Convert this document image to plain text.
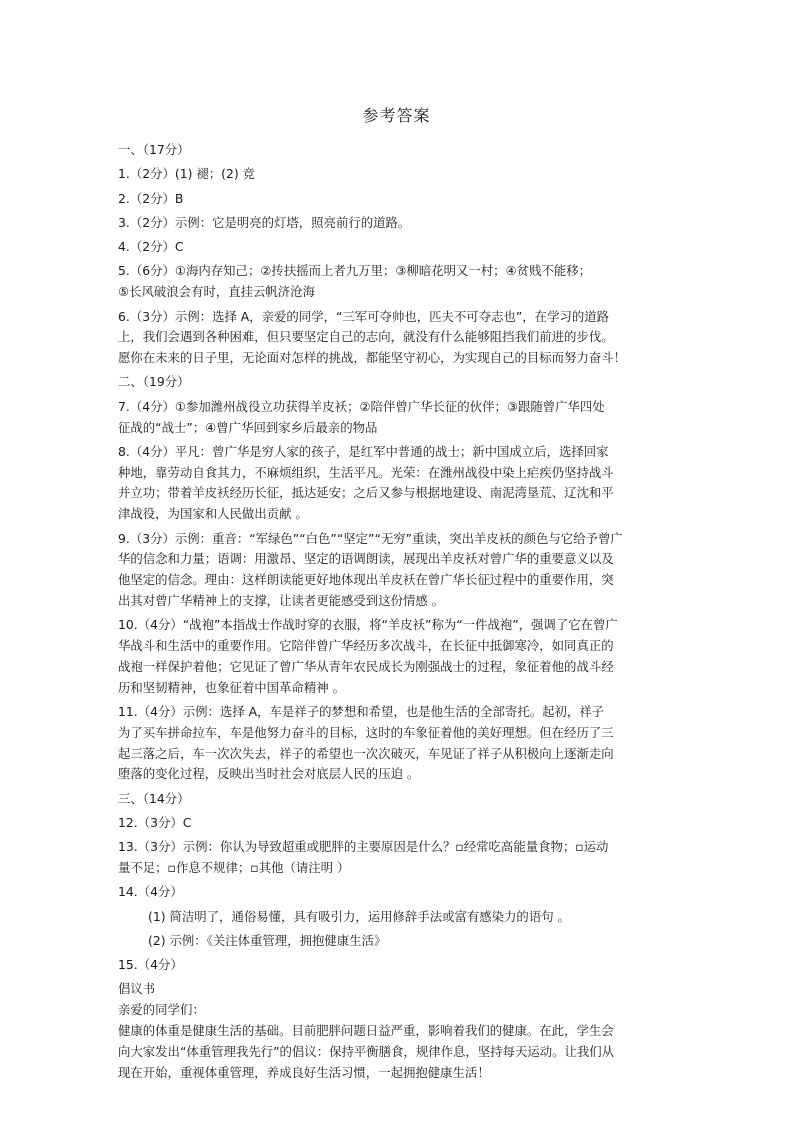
参考答案
一、（17分）
1.（2分）(1) 褪；(2) 竞
2.（2分）B
3.（2分）示例：它是明亮的灯塔，照亮前行的道路。
4.（2分）C
5.（6分）①海内存知己；②抟扶摇而上者九万里；③柳暗花明又一村；④贫贱不能移；
⑤长风破浪会有时，直挂云帆济沧海
6.（3分）示例：选择 A，亲爱的同学，“三军可夺帅也，匹夫不可夺志也”，在学习的道路
上，我们会遇到各种困难，但只要坚定自己的志向，就没有什么能够阻挡我们前进的步伐。
愿你在未来的日子里，无论面对怎样的挑战，都能坚守初心，为实现自己的目标而努力奋斗！
二、（19分）
7.（4分）①参加潍州战役立功获得羊皮袄；②陪伴曾广华长征的伙伴；③跟随曾广华四处
征战的“战士”；④曾广华回到家乡后最亲的物品
8.（4分）平凡：曾广华是穷人家的孩子，是红军中普通的战士；新中国成立后，选择回家
种地，靠劳动自食其力，不麻烦组织，生活平凡。光荣：在潍州战役中染上疟疾仍坚持战斗
并立功；带着羊皮袄经历长征，抵达延安；之后又参与根据地建设、南泥湾垦荒、辽沈和平
津战役，为国家和人民做出贡献 。
9.（3分）示例：重音：“军绿色”“白色”“坚定”“无穷”重读，突出羊皮袄的颜色与它给予曾广
华的信念和力量；语调：用激昂、坚定的语调朗读，展现出羊皮袄对曾广华的重要意义以及
他坚定的信念。理由：这样朗读能更好地体现出羊皮袄在曾广华长征过程中的重要作用，突
出其对曾广华精神上的支撑，让读者更能感受到这份情感 。
10.（4分）“战袍”本指战士作战时穿的衣服，将“羊皮袄”称为“一件战袍”，强调了它在曾广
华战斗和生活中的重要作用。它陪伴曾广华经历多次战斗，在长征中抵御寒冷，如同真正的
战袍一样保护着他；它见证了曾广华从青年农民成长为刚强战士的过程，象征着他的战斗经
历和坚韧精神，也象征着中国革命精神 。
11.（4分）示例：选择 A，车是祥子的梦想和希望，也是他生活的全部寄托。起初，祥子
为了买车拼命拉车，车是他努力奋斗的目标，这时的车象征着他的美好理想。但在经历了三
起三落之后，车一次次失去，祥子的希望也一次次破灭，车见证了祥子从积极向上逐渐走向
堕落的变化过程，反映出当时社会对底层人民的压迫 。
三、（14分）
12.（3分）C
13.（3分）示例：你认为导致超重或肥胖的主要原因是什么？▫经常吃高能量食物；▫运动
量不足；▫作息不规律；▫其他（请注明 ）
14.（4分）
(1) 简洁明了，通俗易懂，具有吸引力，运用修辞手法或富有感染力的语句 。
(2) 示例：《关注体重管理，拥抱健康生活》
15.（4分）
倡议书
亲爱的同学们：
健康的体重是健康生活的基础。目前肥胖问题日益严重，影响着我们的健康。在此，学生会
向大家发出“体重管理我先行”的倡议：保持平衡膳食，规律作息，坚持每天运动。让我们从
现在开始，重视体重管理，养成良好生活习惯，一起拥抱健康生活！
